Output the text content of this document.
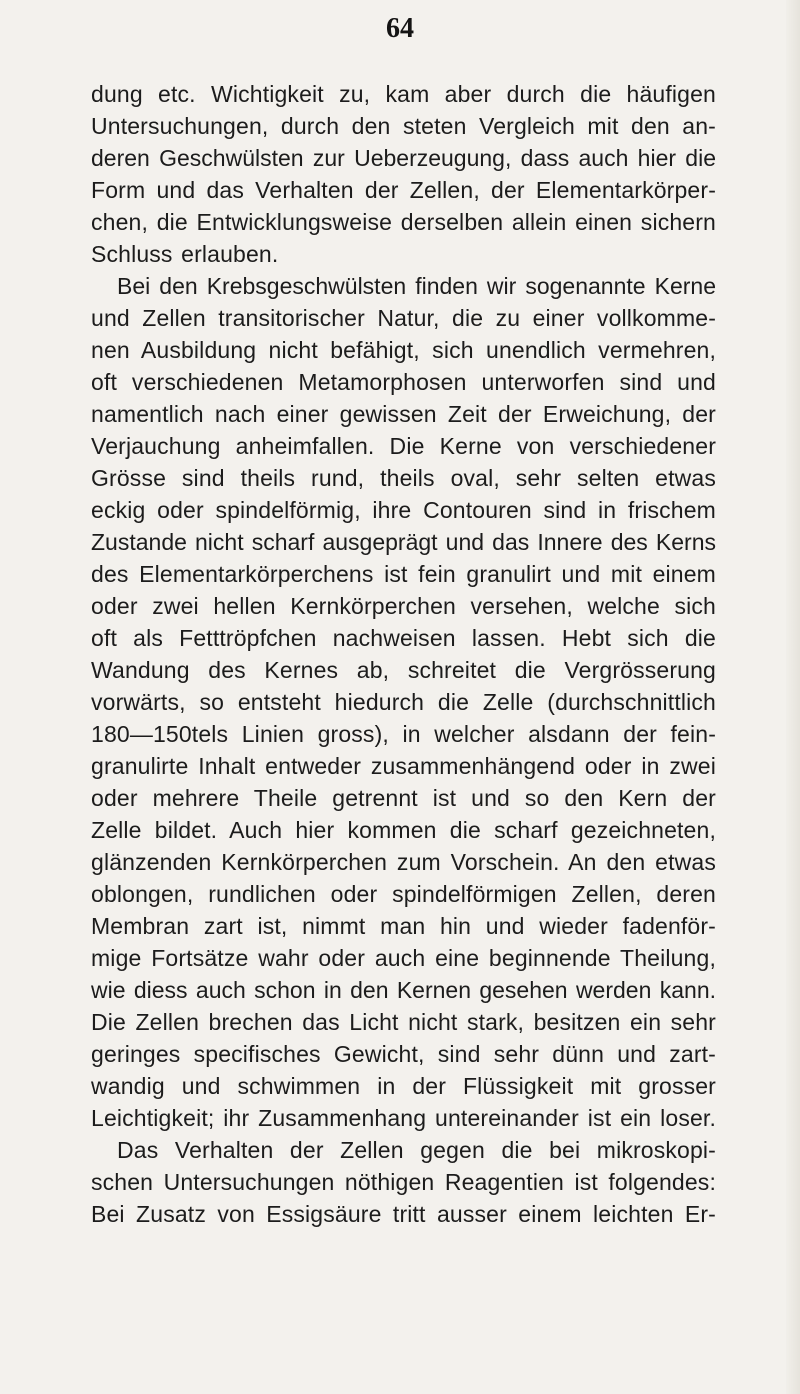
64
dung etc. Wichtigkeit zu, kam aber durch die häufigen
Untersuchungen, durch den steten Vergleich mit den an-
deren Geschwülsten zur Ueberzeugung, dass auch hier die
Form und das Verhalten der Zellen, der Elementarkörper-
chen, die Entwicklungsweise derselben allein einen sichern
Schluss erlauben.
Bei den Krebsgeschwülsten finden wir sogenannte Kerne
und Zellen transitorischer Natur, die zu einer vollkomme-
nen Ausbildung nicht befähigt, sich unendlich vermehren,
oft verschiedenen Metamorphosen unterworfen sind und
namentlich nach einer gewissen Zeit der Erweichung, der
Verjauchung anheimfallen. Die Kerne von verschiedener
Grösse sind theils rund, theils oval, sehr selten etwas
eckig oder spindelförmig, ihre Contouren sind in frischem
Zustande nicht scharf ausgeprägt und das Innere des Kerns
des Elementarkörperchens ist fein granulirt und mit einem
oder zwei hellen Kernkörperchen versehen, welche sich
oft als Fetttröpfchen nachweisen lassen. Hebt sich die
Wandung des Kernes ab, schreitet die Vergrösserung
vorwärts, so entsteht hiedurch die Zelle (durchschnittlich
180—150tels Linien gross), in welcher alsdann der fein-
granulirte Inhalt entweder zusammenhängend oder in zwei
oder mehrere Theile getrennt ist und so den Kern der
Zelle bildet. Auch hier kommen die scharf gezeichneten,
glänzenden Kernkörperchen zum Vorschein. An den etwas
oblongen, rundlichen oder spindelförmigen Zellen, deren
Membran zart ist, nimmt man hin und wieder fadenför-
mige Fortsätze wahr oder auch eine beginnende Theilung,
wie diess auch schon in den Kernen gesehen werden kann.
Die Zellen brechen das Licht nicht stark, besitzen ein sehr
geringes specifisches Gewicht, sind sehr dünn und zart-
wandig und schwimmen in der Flüssigkeit mit grosser
Leichtigkeit; ihr Zusammenhang untereinander ist ein loser.
Das Verhalten der Zellen gegen die bei mikroskopi-
schen Untersuchungen nöthigen Reagentien ist folgendes:
Bei Zusatz von Essigsäure tritt ausser einem leichten Er-
